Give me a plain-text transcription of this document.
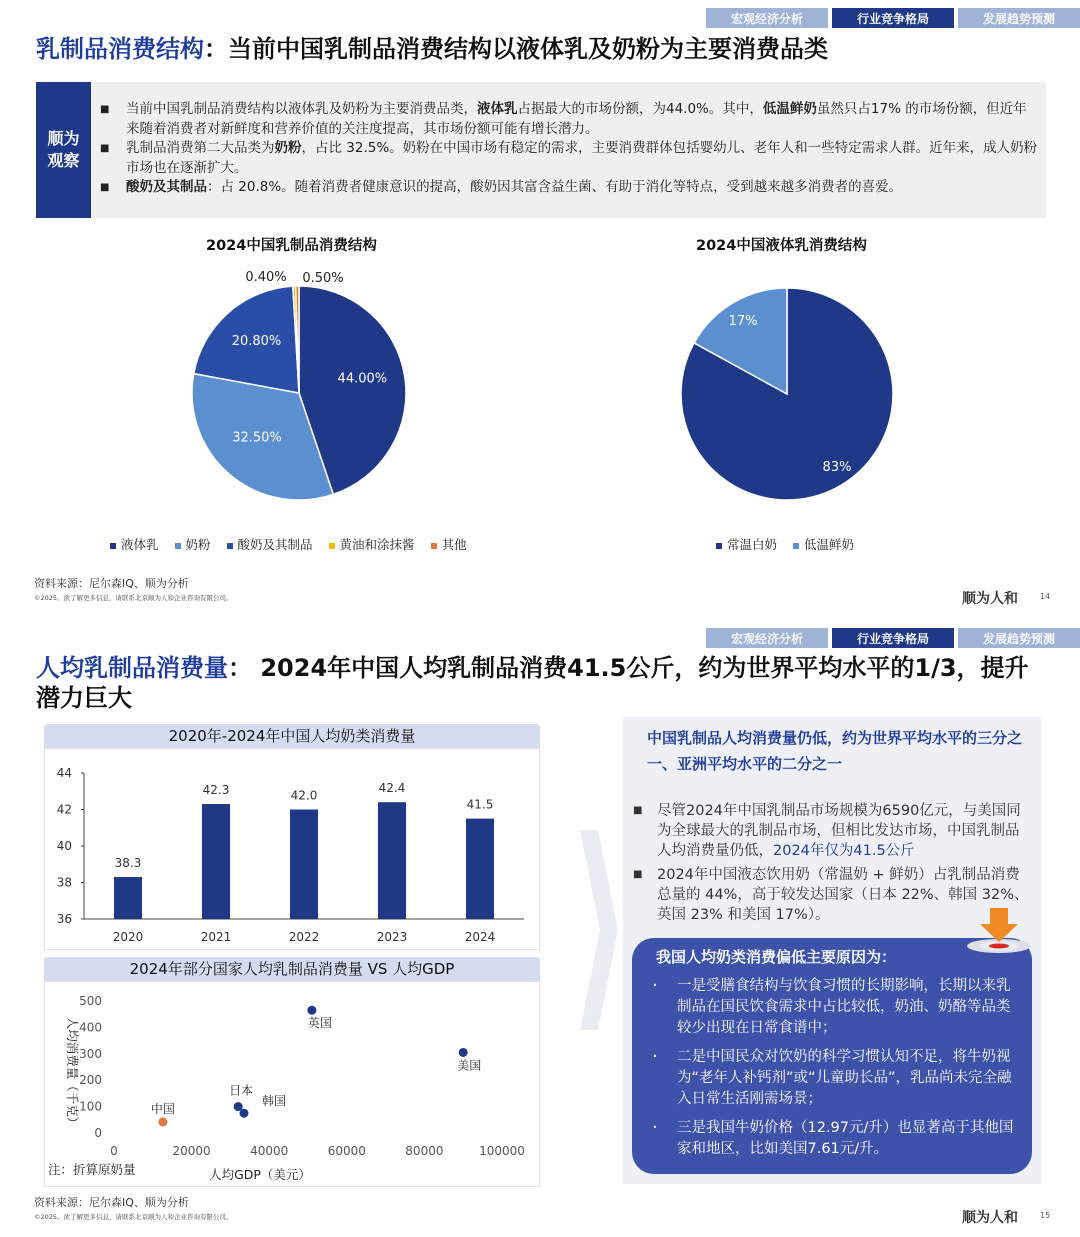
宏观经济分析	行业竞争格局	发展趋势预测
乳制品消费结构：当前中国乳制品消费结构以液体乳及奶粉为主要消费品类
顺为观察
■ 当前中国乳制品消费结构以液体乳及奶粉为主要消费品类，液体乳占据最大的市场份额，为44.0%。其中，低温鲜奶虽然只占17% 的市场份额，但近年来随着消费者对新鲜度和营养价值的关注度提高，其市场份额可能有增长潜力。
■ 乳制品消费第二大品类为奶粉，占比 32.5%。奶粉在中国市场有稳定的需求，主要消费群体包括婴幼儿、老年人和一些特定需求人群。近年来，成人奶粉市场也在逐渐扩大。
■ 酸奶及其制品：占 20.8%。随着消费者健康意识的提高，酸奶因其富含益生菌、有助于消化等特点，受到越来越多消费者的喜爱。
2024中国乳制品消费结构	2024中国液体乳消费结构
44.00%
32.50%
20.80%
0.40% 0.50%
83%
17%
液体乳	奶粉	酸奶及其制品	黄油和涂抹酱	其他	常温白奶	低温鲜奶
资料来源：尼尔森IQ、顺为分析
©2025。欲了解更多信息，请联系北京顺为人和企业咨询有限公司。	顺为人和	14
宏观经济分析	行业竞争格局	发展趋势预测
人均乳制品消费量： 2024年中国人均乳制品消费41.5公斤，约为世界平均水平的1/3，提升潜力巨大
2020年-2024年中国人均奶类消费量
36
38
40
42
44
38.3
2020
42.3
2021
42.0
2022
42.4
2023
41.5
2024
2024年部分国家人均乳制品消费量 VS 人均GDP
0
100
200
300
400
500
0	20000	40000	60000	80000	100000
中国
日本
韩国
英国
美国
人均GDP（美元）
人均消费量（千克）
注：折算原奶量
中国乳制品人均消费量仍低，约为世界平均水平的三分之一、亚洲平均水平的二分之一
■ 尽管2024年中国乳制品市场规模为6590亿元，与美国同为全球最大的乳制品市场，但相比发达市场，中国乳制品人均消费量仍低，2024年仅为41.5公斤
■ 2024年中国液态饮用奶（常温奶 + 鲜奶）占乳制品消费总量的 44%，高于较发达国家（日本 22%、韩国 32%、英国 23% 和美国 17%）。
我国人均奶类消费偏低主要原因为：
· 一是受膳食结构与饮食习惯的长期影响，长期以来乳制品在国民饮食需求中占比较低，奶油、奶酪等品类较少出现在日常食谱中；
· 二是中国民众对饮奶的科学习惯认知不足，将牛奶视为“老年人补钙剂”或“儿童助长品”，乳品尚未完全融入日常生活刚需场景；
· 三是我国牛奶价格（12.97元/升）也显著高于其他国家和地区，比如美国7.61元/升。
资料来源：尼尔森IQ、顺为分析
©2025。欲了解更多信息，请联系北京顺为人和企业咨询有限公司。	顺为人和	15
